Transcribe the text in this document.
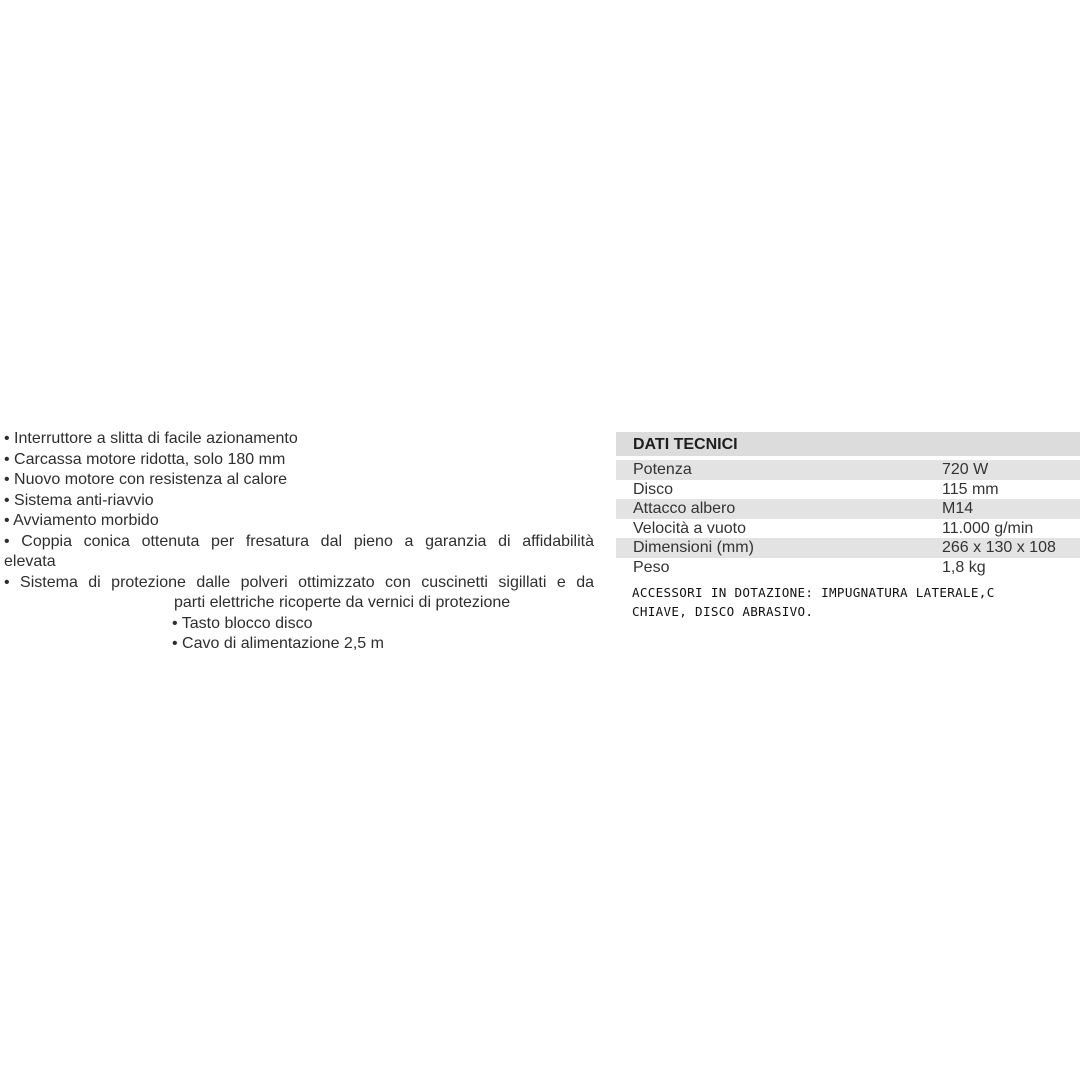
• Interruttore a slitta di facile azionamento
• Carcassa motore ridotta, solo 180 mm
• Nuovo motore con resistenza al calore
• Sistema anti-riavvio
• Avviamento morbido
• Coppia conica ottenuta per fresatura dal pieno a garanzia di affidabilità
elevata
• Sistema di protezione dalle polveri ottimizzato con cuscinetti sigillati e da
parti elettriche ricoperte da vernici di protezione
• Tasto blocco disco
• Cavo di alimentazione 2,5 m
DATI TECNICI
Potenza	720 W
Disco	115 mm
Attacco albero	M14
Velocità a vuoto	11.000 g/min
Dimensioni (mm)	266 x 130 x 108
Peso	1,8 kg
ACCESSORI IN DOTAZIONE: IMPUGNATURA LATERALE,C
CHIAVE, DISCO ABRASIVO.
